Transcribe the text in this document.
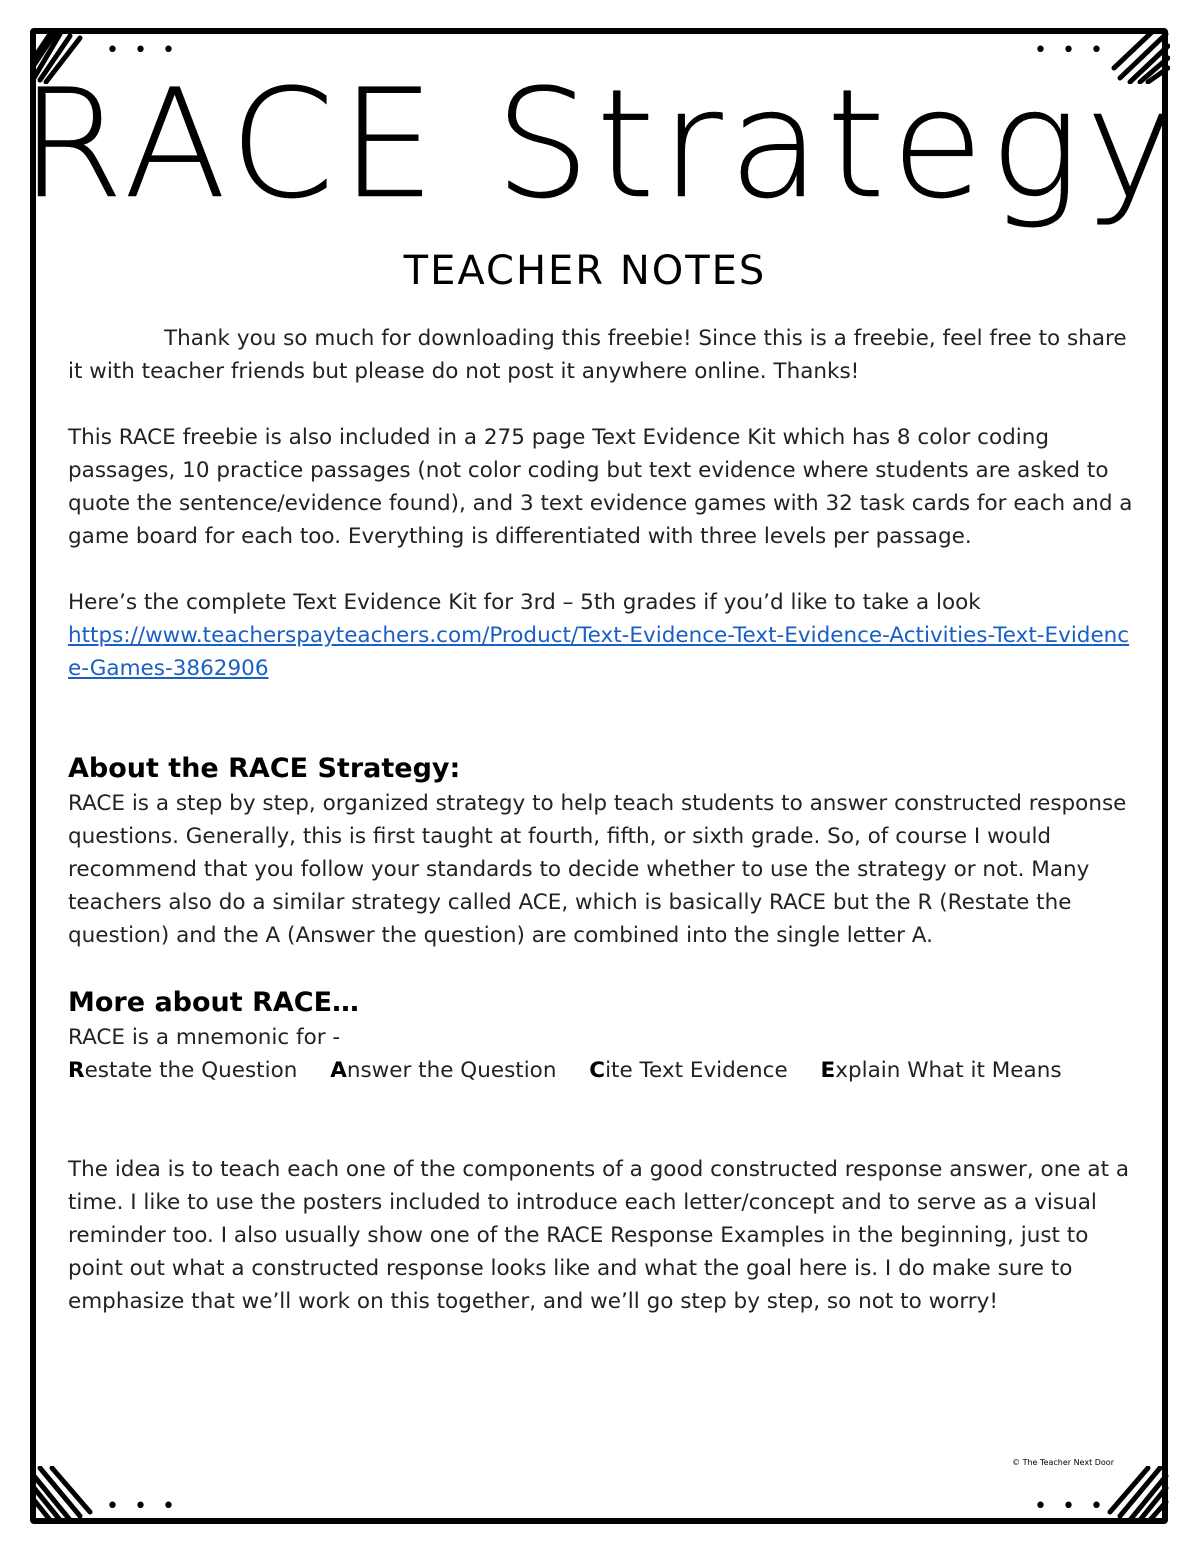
• • •	• • •
• • •	• • •
RACE Strategy
TEACHER NOTES

Thank you so much for downloading this freebie! Since this is a freebie, feel free to share it with teacher friends but please do not post it anywhere online. Thanks!

This RACE freebie is also included in a 275 page Text Evidence Kit which has 8 color coding passages, 10 practice passages (not color coding but text evidence where students are asked to quote the sentence/evidence found), and 3 text evidence games with 32 task cards for each and a game board for each too. Everything is differentiated with three levels per passage.

Here’s the complete Text Evidence Kit for 3rd – 5th grades if you’d like to take a look

https://www.teacherspayteachers.com/Product/Text-Evidence-Text-Evidence-Activities-Text-Evidence-Games-3862906
About the RACE Strategy:

RACE is a step by step, organized strategy to help teach students to answer constructed response questions. Generally, this is first taught at fourth, fifth, or sixth grade. So, of course I would recommend that you follow your standards to decide whether to use the strategy or not. Many teachers also do a similar strategy called ACE, which is basically RACE but the R (Restate the question) and the A (Answer the question) are combined into the single letter A.

More about RACE…

RACE is a mnemonic for -

Restate the Question Answer the Question Cite Text Evidence Explain What it Means

The idea is to teach each one of the components of a good constructed response answer, one at a time. I like to use the posters included to introduce each letter/concept and to serve as a visual reminder too. I also usually show one of the RACE Response Examples in the beginning, just to point out what a constructed response looks like and what the goal here is. I do make sure to emphasize that we’ll work on this together, and we’ll go step by step, so not to worry!

© The Teacher Next Door
